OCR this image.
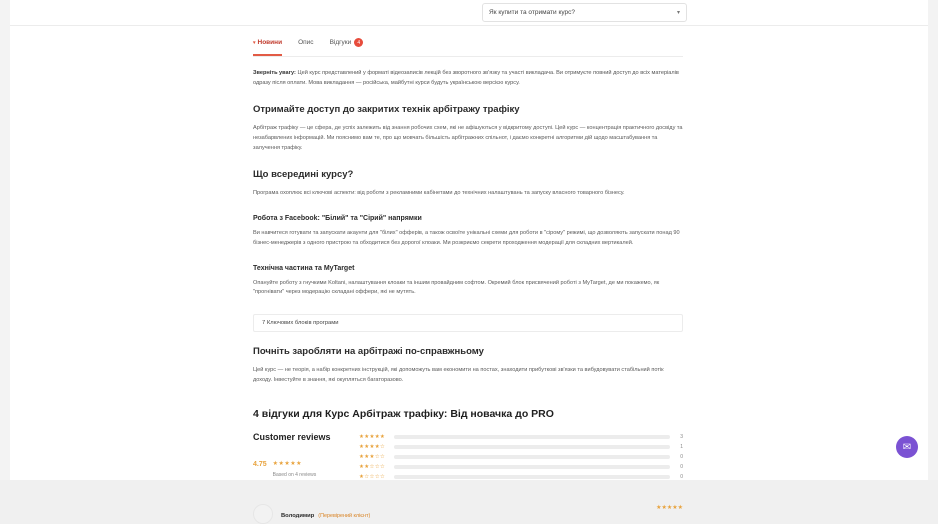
Як купити та отримати курс?	▾
▾ Новини Опис Відгуки 4

Зверніть увагу: Цей курс представлений у форматі відеозаписів лекцій без зворотного зв'язку та участі викладача. Ви отримуєте повний доступ до всіх матеріалів одразу після оплати. Мова викладання — російська, майбутні курси будуть українською версією курсу.

Отримайте доступ до закритих технік арбітражу трафіку

Арбітраж трафіку — це сфера, де успіх залежить від знання робочих схем, які не афішуються у відкритому доступі. Цей курс — концентрація практичного досвіду та незабарвлених інформацій. Ми пояснимо вам те, про що мовчать більшість арбітражних спільнот, і даємо конкретні алгоритми дій щодо масштабування та залучення трафіку.

Що всередині курсу?

Програма охоплює всі ключові аспекти: від роботи з рекламними кабінетами до технічних налаштувань та запуску власного товарного бізнесу.

Робота з Facebook: "Білий" та "Сірий" напрямки

Ви навчитеся готувати та запускати акаунти для "білих" офферів, а також освоїте унікальні схеми для роботи в "сірому" режимі, що дозволяють запускати понад 90 бізнес-менеджерів з одного пристрою та обходитися без дорогої клоаки. Ми розкриємо секрети проходження модерації для складних вертикалей.

Технічна частина та MyTarget

Опануйте роботу з гнучкими Koltani, налаштування клоаки та іншим провайдним софтом. Окремий блок присвячений роботі з MyTarget, де ми покажемо, як "прогнівати" через модерацію складані оффери, які не мутять.

7 Ключових блоків програми
Почніть заробляти на арбітражі по-справжньому

Цей курс — не теорія, а набір конкретних інструкцій, які допоможуть вам економити на постах, знаходити прибуткові зв'язки та вибудовувати стабільний потік доходу. Інвестуйте в знання, які окупляться багаторазово.

4 відгуки для Курс Арбітраж трафіку: Від новачка до PRO
Customer reviews
4.75 ★★★★★
Based on 4 reviews
★★★★★	3
★★★★☆	1
★★★☆☆	0
★★☆☆☆	0
★☆☆☆☆	0
Володимир (Перевірений клієнт)
★★★★★
✉
